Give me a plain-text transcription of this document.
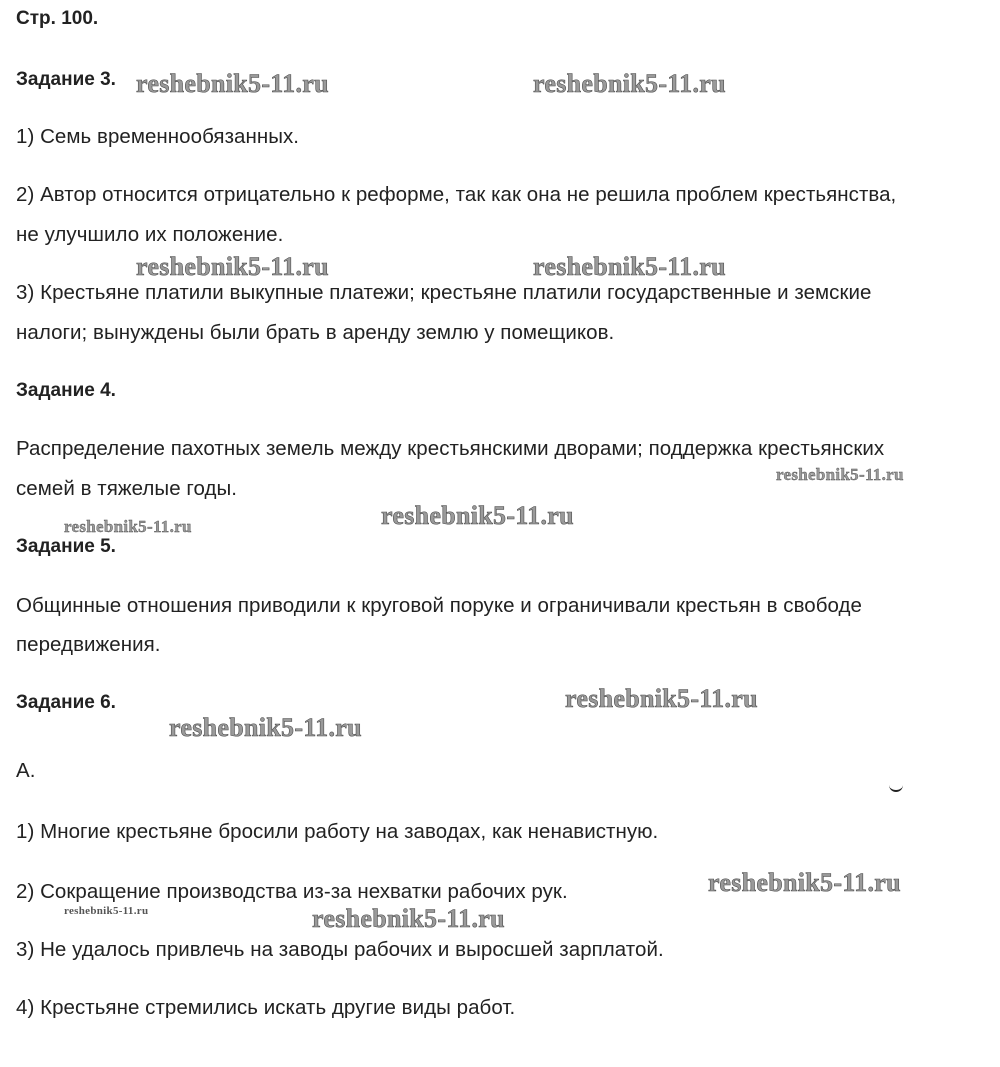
Стр. 100.

Задание 3.

1) Семь временнообязанных.

2) Автор относится отрицательно к реформе, так как она не решила проблем крестьянства,

не улучшило их положение.

3) Крестьяне платили выкупные платежи; крестьяне платили государственные и земские

налоги; вынуждены были брать в аренду землю у помещиков.

Задание 4.

Распределение пахотных земель между крестьянскими дворами; поддержка крестьянских

семей в тяжелые годы.

Задание 5.

Общинные отношения приводили к круговой поруке и ограничивали крестьян в свободе

передвижения.

Задание 6.

А.

1) Многие крестьяне бросили работу на заводах, как ненавистную.

2) Сокращение производства из-за нехватки рабочих рук.

3) Не удалось привлечь на заводы рабочих и выросшей зарплатой.

4) Крестьяне стремились искать другие виды работ.

reshebnik5-11.ru	reshebnik5-11.ru

reshebnik5-11.ru	reshebnik5-11.ru

reshebnik5-11.ru

reshebnik5-11.ru

reshebnik5-11.ru

reshebnik5-11.ru

reshebnik5-11.ru

reshebnik5-11.ru

reshebnik5-11.ru	reshebnik5-11.ru
